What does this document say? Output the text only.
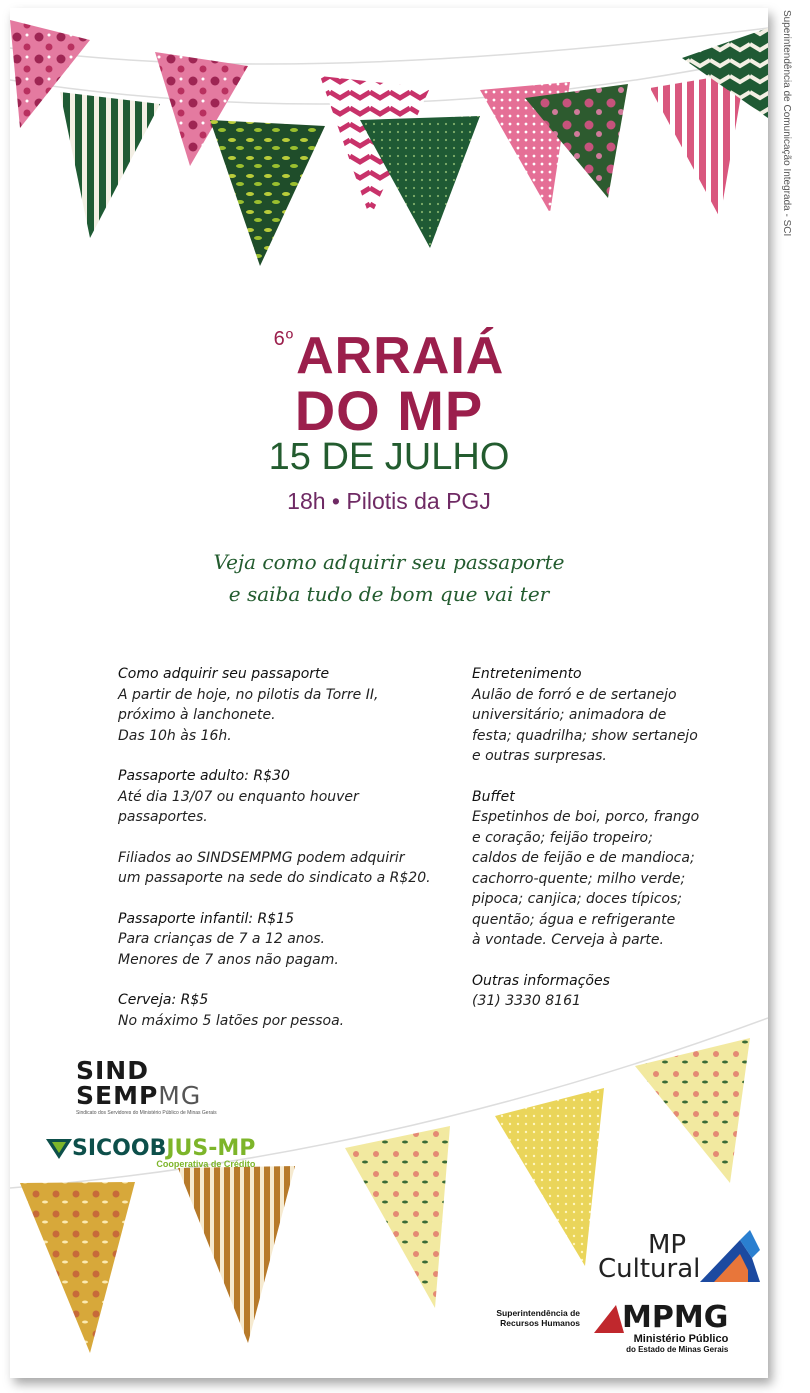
$^{6º}$ARRAIÁ
DO MP
15 DE JULHO
18h • Pilotis da PGJ
Veja como adquirir seu passaporte
e saiba tudo de bom que vai ter
Como adquirir seu passaporte
A partir de hoje, no pilotis da Torre II,
próximo à lanchonete.
Das 10h às 16h.
Passaporte adulto: R$30
Até dia 13/07 ou enquanto houver passaportes.
Filiados ao SINDSEMPMG podem adquirir
um passaporte na sede do sindicato a R$20.
Passaporte infantil: R$15
Para crianças de 7 a 12 anos.
Menores de 7 anos não pagam.
Cerveja: R$5
No máximo 5 latões por pessoa.
Entretenimento
Aulão de forró e de sertanejo
universitário; animadora de
festa; quadrilha; show sertanejo
e outras surpresas.
Buffet
Espetinhos de boi, porco, frango
e coração; feijão tropeiro;
caldos de feijão e de mandioca;
cachorro-quente; milho verde;
pipoca; canjica; doces típicos;
quentão; água e refrigerante
à vontade. Cerveja à parte.
Outras informações
(31) 3330 8161
SIND
SEMPMG
Sindicato dos Servidores do Ministério Público de Minas Gerais
SICOOBJUS-MP
Cooperativa de Crédito
MP
Cultural
Superintendência de
Recursos Humanos	MPMG
Ministério Público
do Estado de Minas Gerais
Superintendência de Comunicação Integrada - SCI
